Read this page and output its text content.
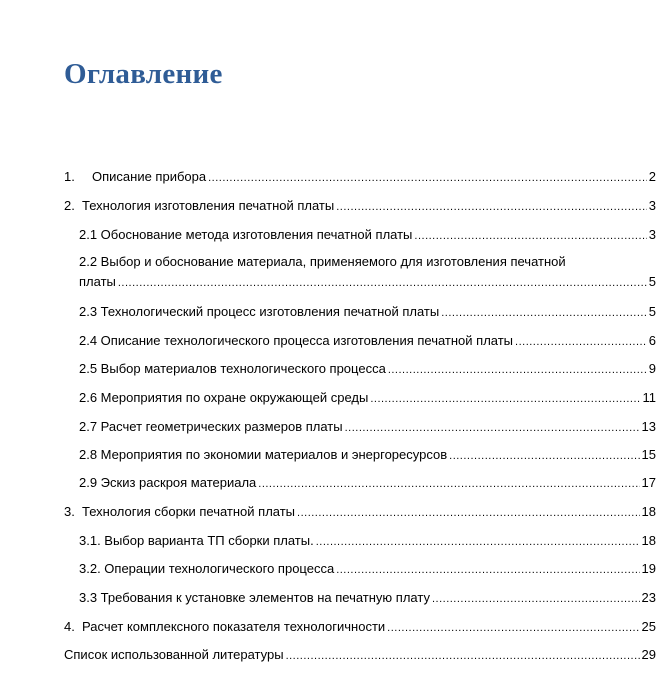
Оглавление
1.	Описание прибора .....	2
2. Технология изготовления печатной платы .....	3
2.1 Обоснование метода изготовления печатной платы .....	3
2.2 Выбор и обоснование материала, применяемого для изготовления печатной
платы .....	5
2.3 Технологический процесс изготовления печатной платы .....	5
2.4 Описание технологического процесса изготовления печатной платы .....	6
2.5 Выбор материалов технологического процесса .....	9
2.6 Мероприятия по охране окружающей среды .....	11
2.7 Расчет геометрических размеров платы .....	13
2.8 Мероприятия по экономии материалов и энергоресурсов .....	15
2.9 Эскиз раскроя материала .....	17
3. Технология сборки печатной платы .....	18
3.1. Выбор варианта ТП сборки платы. .....	18
3.2. Операции технологического процесса .....	19
3.3 Требования к установке элементов на печатную плату .....	23
4. Расчет комплексного показателя технологичности .....	25
Список использованной литературы .....	29
